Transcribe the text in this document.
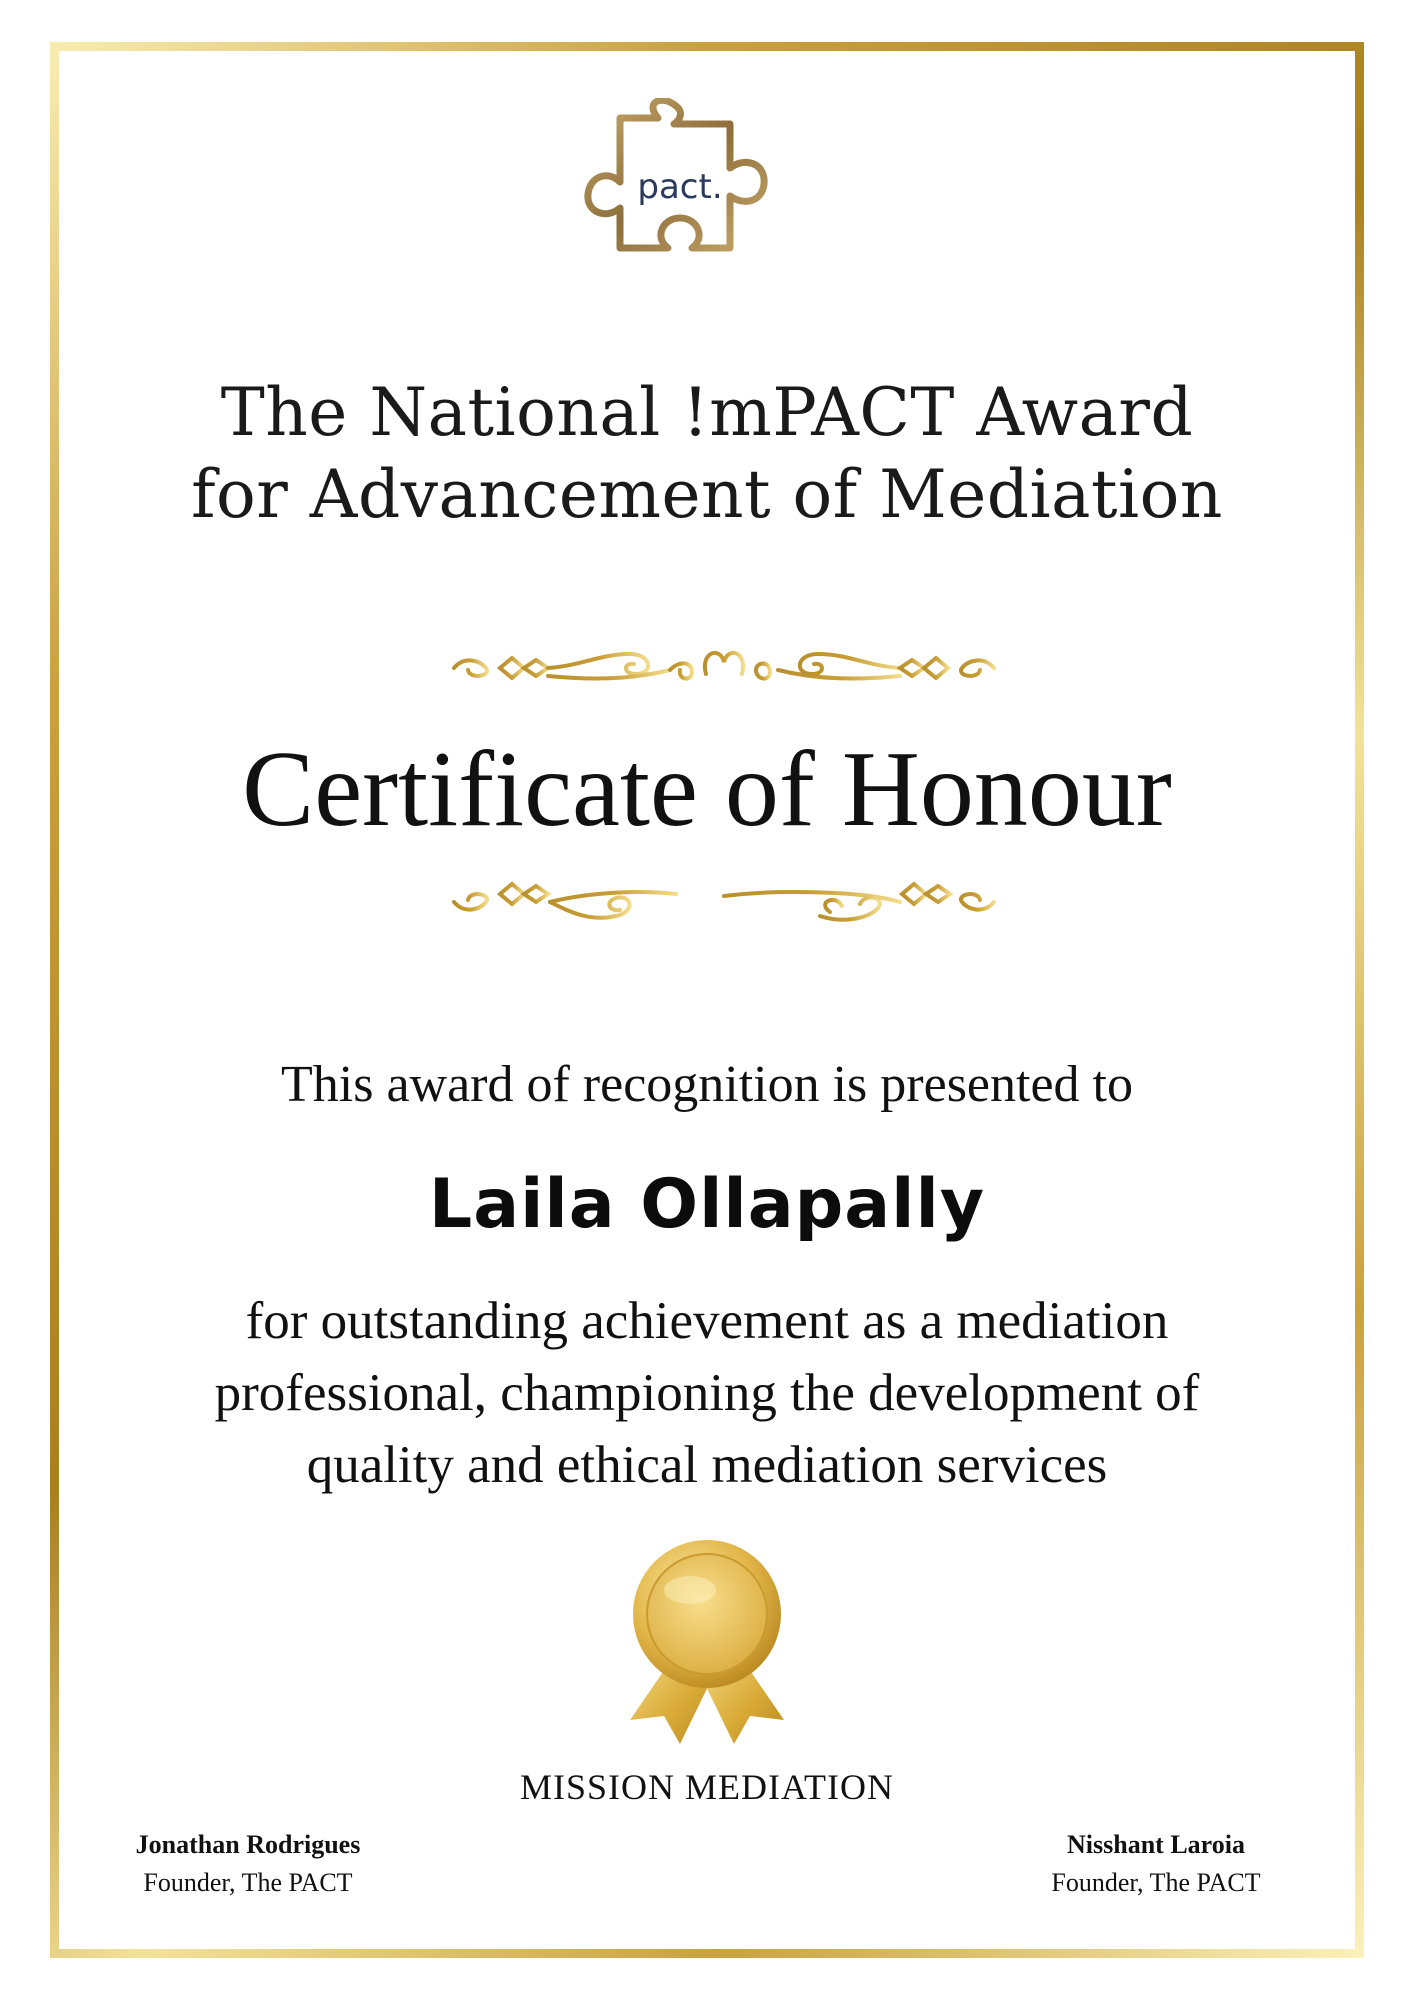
pact.
The National !mPACT Award
for Advancement of Mediation
Certificate of Honour
This award of recognition is presented to
Laila Ollapally
for outstanding achievement as a mediation
professional, championing the development of
quality and ethical mediation services
MISSION MEDIATION
Jonathan Rodrigues
Founder, The PACT
Nisshant Laroia
Founder, The PACT
